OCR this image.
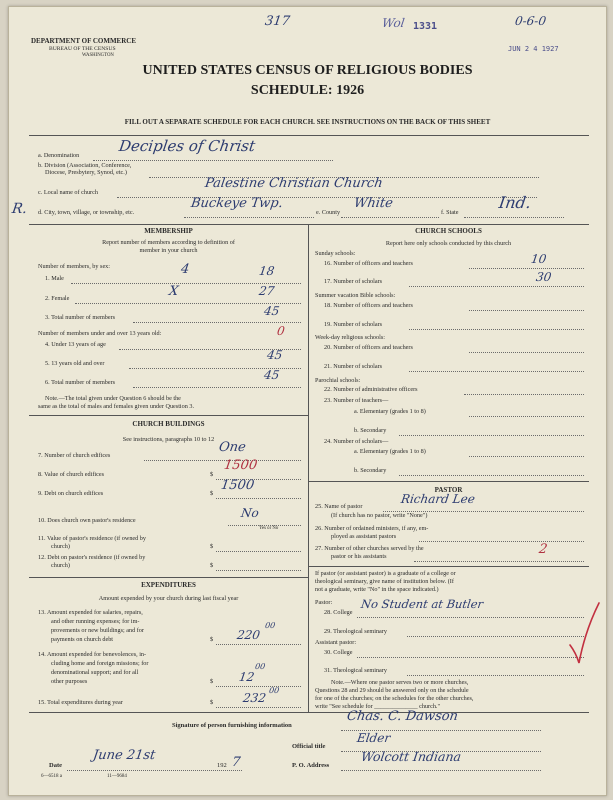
317	Wol 1331	0-6-0
JUN 2 4 1927
DEPARTMENT OF COMMERCE
BUREAU OF THE CENSUS
WASHINGTON
UNITED STATES CENSUS OF RELIGIOUS BODIES
SCHEDULE: 1926
FILL OUT A SEPARATE SCHEDULE FOR EACH CHURCH. SEE INSTRUCTIONS ON THE BACK OF THIS SHEET
a. Denomination
Deciples of Christ
b. Division (Association, Conference,
Diocese, Presbytery, Synod, etc.)
c. Local name of church
Palestine Christian Church
R. d. City, town, village, or township, etc.
Buckeye Twp.
e. County
White
f. State
Ind.
MEMBERSHIP
Report number of members according to definition of
member in your church
Number of members, by sex:
1. Male
4	18
2. Female	X	27
3. Total number of members	45
Number of members under and over 13 years old:
4. Under 13 years of age
0
5. 13 years old and over
45
6. Total number of members
45
Note.—The total given under Question 6 should be the
same as the total of males and females given under Question 3.
CHURCH BUILDINGS
See instructions, paragraphs 10 to 12
7. Number of church edifices
One
8. Value of church edifices	$
1500
9. Debt on church edifices	$
1500
10. Does church own pastor's residence
No
Yes or No
11. Value of pastor's residence (if owned by
church)	$
12. Debt on pastor's residence (if owned by
church)	$
EXPENDITURES
Amount expended by your church during last fiscal year
13. Amount expended for salaries, repairs,
and other running expenses; for im-
provements or new buildings; and for
payments on church debt	$ 220
00
14. Amount expended for benevolences, in-
cluding home and foreign missions; for
denominational support; and for all
other purposes	$ 12
00
15. Total expenditures during year	$ 232
00
CHURCH SCHOOLS
Report here only schools conducted by this church
Sunday schools:
16. Number of officers and teachers	10
17. Number of scholars	30
Summer vacation Bible schools:
18. Number of officers and teachers
19. Number of scholars
Week-day religious schools:
20. Number of officers and teachers
21. Number of scholars
Parochial schools:
22. Number of administrative officers
23. Number of teachers—
a. Elementary (grades 1 to 8)
b. Secondary
24. Number of scholars—
a. Elementary (grades 1 to 8)
b. Secondary
PASTOR
25. Name of pastor
Richard Lee
(If church has no pastor, write "None")
26. Number of ordained ministers, if any, em-
ployed as assistant pastors
27. Number of other churches served by the
pastor or his assistants	2
If pastor (or assistant pastor) is a graduate of a college or
theological seminary, give name of institution below. (If
not a graduate, write "No" in the space indicated.)
Pastor:
28. College
No Student at Butler
29. Theological seminary
Assistant pastor:
30. College
31. Theological seminary
Note.—Where one pastor serves two or more churches,
Questions 28 and 29 should be answered only on the schedule
for one of the churches; on the schedules for the other churches,
write "See schedule for ______________ church."
Signature of person furnishing information
Chas. C. Dawson
Official title
Elder
Date
June 21st
192 7	P. O. Address
Wolcott Indiana
6—6518 a	11—9684
